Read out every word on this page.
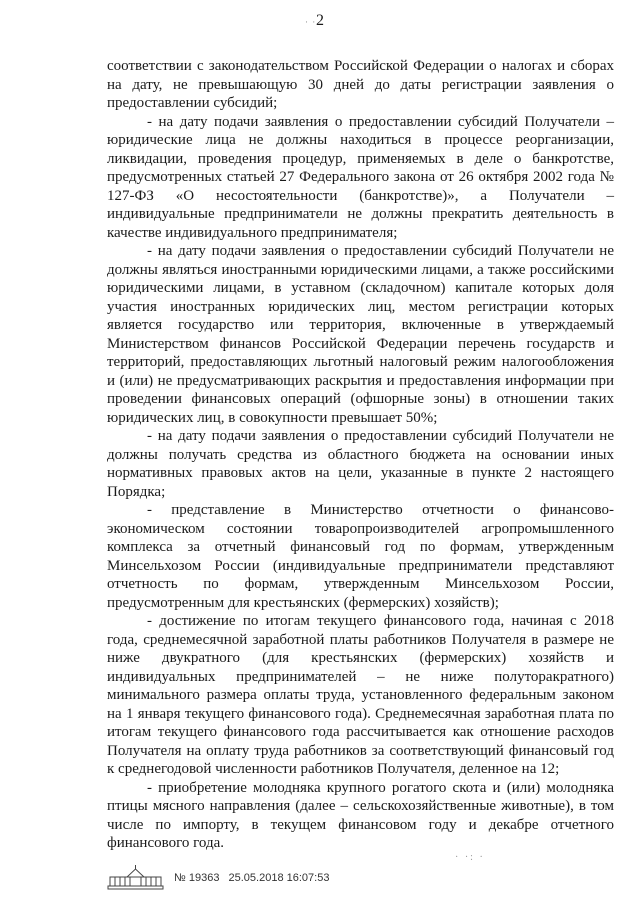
2
· ·

соответствии с законодательством Российской Федерации о налогах и сборах на дату, не превышающую 30 дней до даты регистрации заявления о предоставлении субсидий;

- на дату подачи заявления о предоставлении субсидий Получатели – юридические лица не должны находиться в процессе реорганизации, ликвидации, проведения процедур, применяемых в деле о банкротстве, предусмотренных статьей 27 Федерального закона от 26 октября 2002 года № 127-ФЗ «О несостоятельности (банкротстве)», а Получатели – индивидуальные предприниматели не должны прекратить деятельность в качестве индивидуального предпринимателя;

- на дату подачи заявления о предоставлении субсидий Получатели не должны являться иностранными юридическими лицами, а также российскими юридическими лицами, в уставном (складочном) капитале которых доля участия иностранных юридических лиц, местом регистрации которых является государство или территория, включенные в утверждаемый Министерством финансов Российской Федерации перечень государств и территорий, предоставляющих льготный налоговый режим налогообложения и (или) не предусматривающих раскрытия и предоставления информации при проведении финансовых операций (офшорные зоны) в отношении таких юридических лиц, в совокупности превышает 50%;

- на дату подачи заявления о предоставлении субсидий Получатели не должны получать средства из областного бюджета на основании иных нормативных правовых актов на цели, указанные в пункте 2 настоящего Порядка;

- представление в Министерство отчетности о финансово-экономическом состоянии товаропроизводителей агропромышленного комплекса за отчетный финансовый год по формам, утвержденным Минсельхозом России (индивидуальные предприниматели представляют отчетность по формам, утвержденным Минсельхозом России, предусмотренным для крестьянских (фермерских) хозяйств);

- достижение по итогам текущего финансового года, начиная с 2018 года, среднемесячной заработной платы работников Получателя в размере не ниже двукратного (для крестьянских (фермерских) хозяйств и индивидуальных предпринимателей – не ниже полуторакратного) минимального размера оплаты труда, установленного федеральным законом на 1 января текущего финансового года). Среднемесячная заработная плата по итогам текущего финансового года рассчитывается как отношение расходов Получателя на оплату труда работников за соответствующий финансовый год к среднегодовой численности работников Получателя, деленное на 12;

- приобретение молодняка крупного рогатого скота и (или) молодняка птицы мясного направления (далее – сельскохозяйственные животные), в том числе по импорту, в текущем финансовом году и декабре отчетного финансового года.

№ 19363 25.05.2018 16:07:53
· ·: ·
